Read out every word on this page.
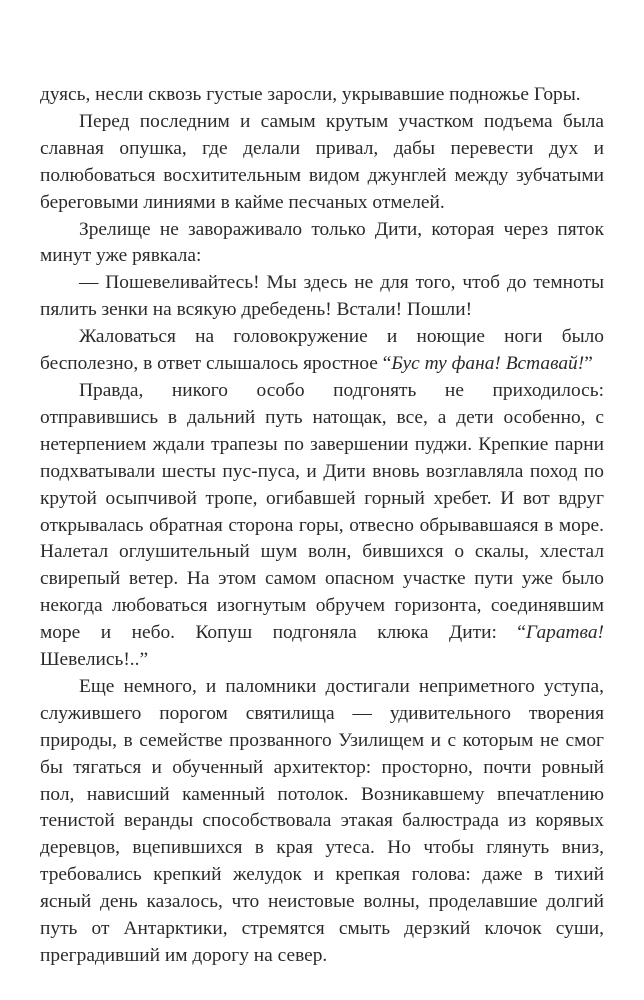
дуясь, несли сквозь густые заросли, укрывавшие подножье Горы.

Перед последним и самым крутым участком подъема была славная опушка, где делали привал, дабы перевести дух и полюбоваться восхитительным видом джунглей между зубчатыми береговыми линиями в кайме песчаных отмелей.

Зрелище не завораживало только Дити, которая через пяток минут уже рявкала:

— Пошевеливайтесь! Мы здесь не для того, чтоб до темноты пялить зенки на всякую дребедень! Встали! Пошли!

Жаловаться на головокружение и ноющие ноги было бесполезно, в ответ слышалось яростное “Бус ту фана! Вставай!”

Правда, никого особо подгонять не приходилось: отправившись в дальний путь натощак, все, а дети особенно, с нетерпением ждали трапезы по завершении пуджи. Крепкие парни подхватывали шесты пус-пуса, и Дити вновь возглавляла поход по крутой осыпчивой тропе, огибавшей горный хребет. И вот вдруг открывалась обратная сторона горы, отвесно обрывавшаяся в море. Налетал оглушительный шум волн, бившихся о скалы, хлестал свирепый ветер. На этом самом опасном участке пути уже было некогда любоваться изогнутым обручем горизонта, соединявшим море и небо. Копуш подгоняла клюка Дити: “Гаратва! Шевелись!..”

Еще немного, и паломники достигали неприметного уступа, служившего порогом святилища — удивительного творения природы, в семействе прозванного Узилищем и с которым не смог бы тягаться и обученный архитектор: просторно, почти ровный пол, нависший каменный потолок. Возникавшему впечатлению тенистой веранды способствовала этакая балюстрада из корявых деревцов, вцепившихся в края утеса. Но чтобы глянуть вниз, требовались крепкий желудок и крепкая голова: даже в тихий ясный день казалось, что неистовые волны, проделавшие долгий путь от Антарктики, стремятся смыть дерзкий клочок суши, преградивший им дорогу на север.
